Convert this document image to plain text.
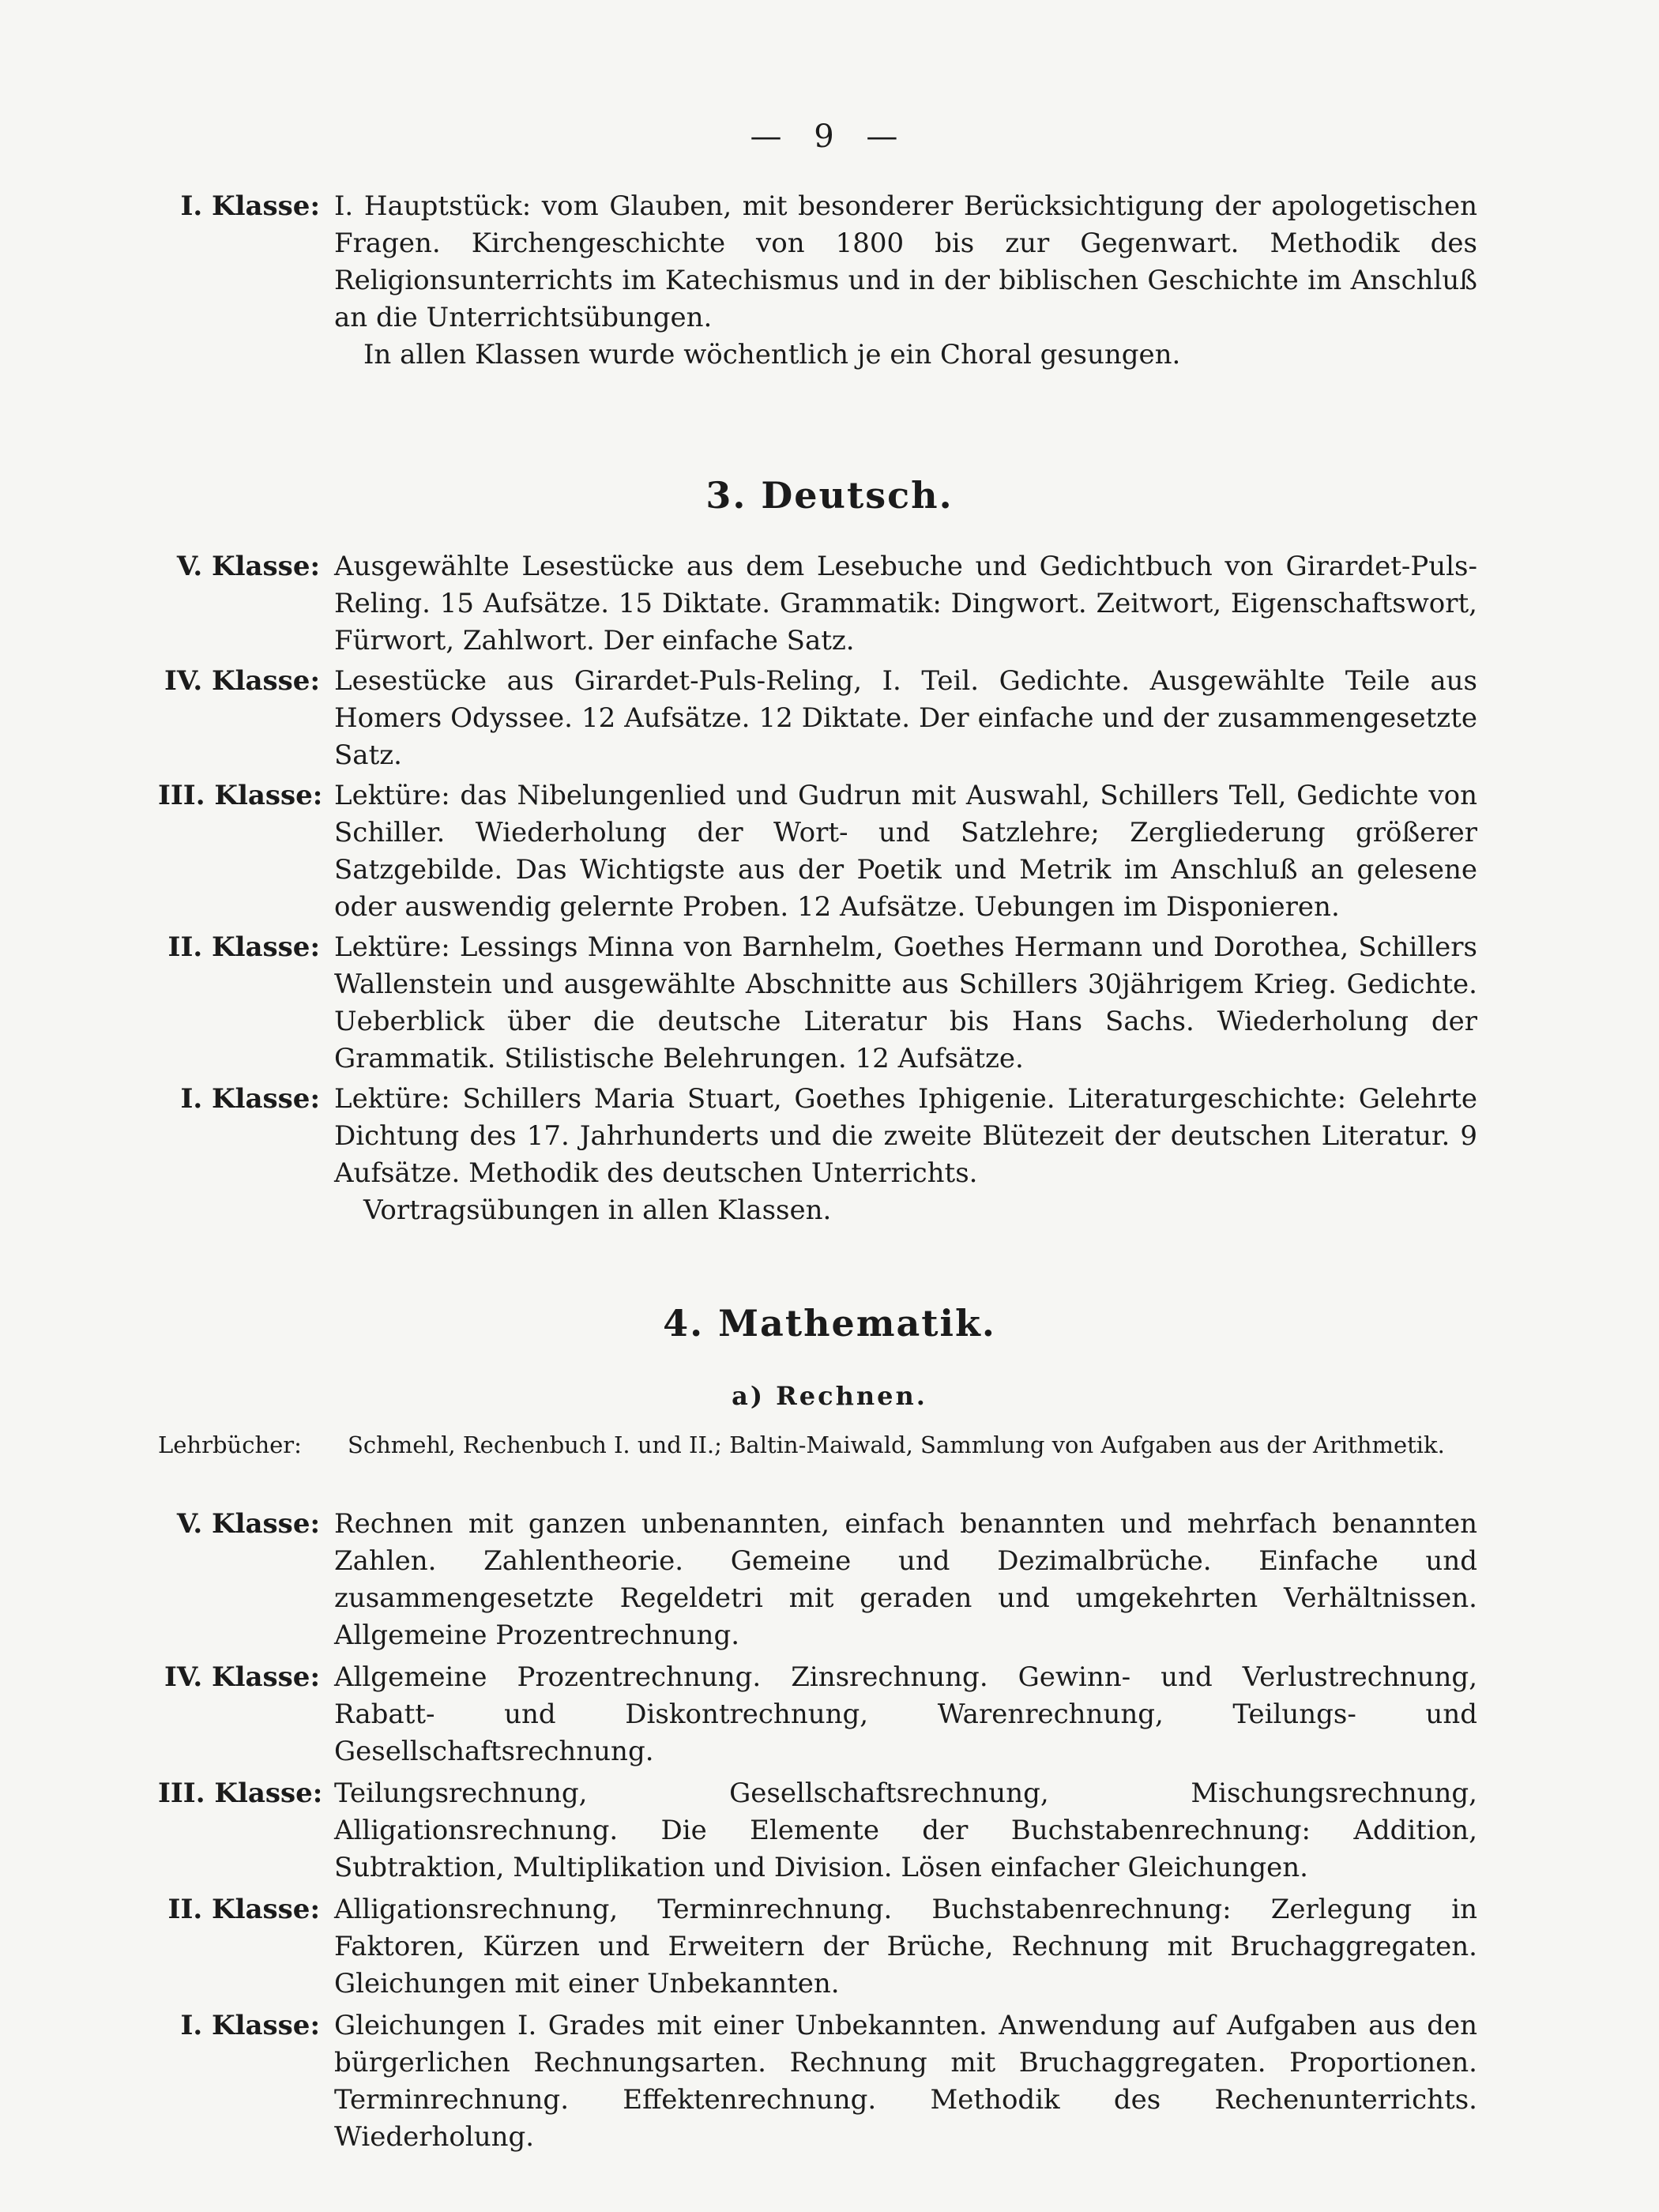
— 9 —
I. Klasse: I. Hauptstück: vom Glauben, mit besonderer Berücksichtigung der apologetischen Fragen. Kirchengeschichte von 1800 bis zur Gegenwart. Methodik des Religionsunterrichts im Katechismus und in der biblischen Geschichte im Anschluß an die Unterrichtsübungen.
In allen Klassen wurde wöchentlich je ein Choral gesungen.
3. Deutsch.
V. Klasse: Ausgewählte Lesestücke aus dem Lesebuche und Gedichtbuch von Girardet-Puls-Reling. 15 Aufsätze. 15 Diktate. Grammatik: Dingwort. Zeitwort, Eigenschaftswort, Fürwort, Zahlwort. Der einfache Satz.
IV. Klasse: Lesestücke aus Girardet-Puls-Reling, I. Teil. Gedichte. Ausgewählte Teile aus Homers Odyssee. 12 Aufsätze. 12 Diktate. Der einfache und der zusammengesetzte Satz.
III. Klasse: Lektüre: das Nibelungenlied und Gudrun mit Auswahl, Schillers Tell, Gedichte von Schiller. Wiederholung der Wort- und Satzlehre; Zergliederung größerer Satzgebilde. Das Wichtigste aus der Poetik und Metrik im Anschluß an gelesene oder auswendig gelernte Proben. 12 Aufsätze. Uebungen im Disponieren.
II. Klasse: Lektüre: Lessings Minna von Barnhelm, Goethes Hermann und Dorothea, Schillers Wallenstein und ausgewählte Abschnitte aus Schillers 30jährigem Krieg. Gedichte. Ueberblick über die deutsche Literatur bis Hans Sachs. Wiederholung der Grammatik. Stilistische Belehrungen. 12 Aufsätze.
I. Klasse: Lektüre: Schillers Maria Stuart, Goethes Iphigenie. Literaturgeschichte: Gelehrte Dichtung des 17. Jahrhunderts und die zweite Blütezeit der deutschen Literatur. 9 Aufsätze. Methodik des deutschen Unterrichts.
Vortragsübungen in allen Klassen.
4. Mathematik.
a) Rechnen.
Lehrbücher:	Schmehl, Rechenbuch I. und II.; Baltin-Maiwald, Sammlung von Aufgaben aus der Arithmetik.
V. Klasse: Rechnen mit ganzen unbenannten, einfach benannten und mehrfach benannten Zahlen. Zahlentheorie. Gemeine und Dezimalbrüche. Einfache und zusammengesetzte Regeldetri mit geraden und umgekehrten Verhältnissen. Allgemeine Prozentrechnung.
IV. Klasse: Allgemeine Prozentrechnung. Zinsrechnung. Gewinn- und Verlustrechnung, Rabatt- und Diskontrechnung, Warenrechnung, Teilungs- und Gesellschaftsrechnung.
III. Klasse: Teilungsrechnung, Gesellschaftsrechnung, Mischungsrechnung, Alligationsrechnung. Die Elemente der Buchstabenrechnung: Addition, Subtraktion, Multiplikation und Division. Lösen einfacher Gleichungen.
II. Klasse: Alligationsrechnung, Terminrechnung. Buchstabenrechnung: Zerlegung in Faktoren, Kürzen und Erweitern der Brüche, Rechnung mit Bruchaggregaten. Gleichungen mit einer Unbekannten.
I. Klasse: Gleichungen I. Grades mit einer Unbekannten. Anwendung auf Aufgaben aus den bürgerlichen Rechnungsarten. Rechnung mit Bruchaggregaten. Proportionen. Terminrechnung. Effektenrechnung. Methodik des Rechenunterrichts. Wiederholung.
